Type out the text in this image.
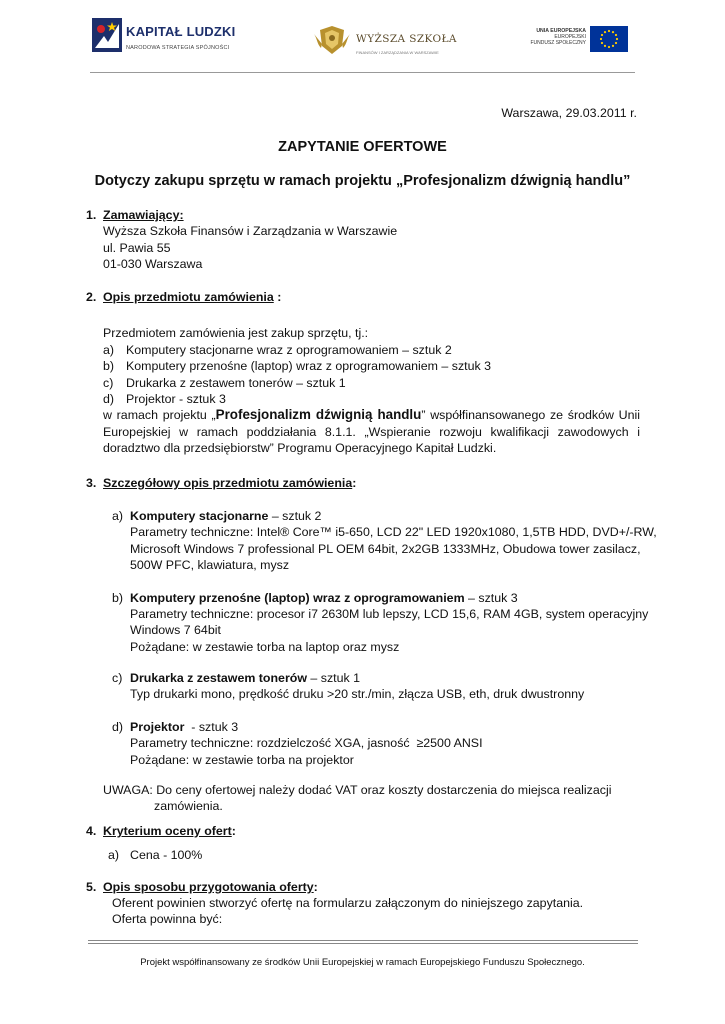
KAPITAŁ LUDZKI
NARODOWA STRATEGIA SPÓJNOŚCI
WYŻSZA SZKOŁA
FINANSÓW I ZARZĄDZANIA W WARSZAWIE
UNIA EUROPEJSKA
EUROPEJSKI
FUNDUSZ SPOŁECZNY
Warszawa, 29.03.2011 r.
ZAPYTANIE OFERTOWE
Dotyczy zakupu sprzętu w ramach projektu „Profesjonalizm dźwignią handlu”
1. Zamawiający:
Wyższa Szkoła Finansów i Zarządzania w Warszawie
ul. Pawia 55
01-030 Warszawa
2. Opis przedmiotu zamówienia :
Przedmiotem zamówienia jest zakup sprzętu, tj.:
a) Komputery stacjonarne wraz z oprogramowaniem – sztuk 2
b) Komputery przenośne (laptop) wraz z oprogramowaniem – sztuk 3
c) Drukarka z zestawem tonerów – sztuk 1
d) Projektor - sztuk 3
w ramach projektu „Profesjonalizm dźwignią handlu” współfinansowanego ze środków Unii
Europejskiej w ramach poddziałania 8.1.1. „Wspieranie rozwoju kwalifikacji zawodowych i
doradztwo dla przedsiębiorstw” Programu Operacyjnego Kapitał Ludzki.
3. Szczegółowy opis przedmiotu zamówienia:
a) Komputery stacjonarne – sztuk 2
Parametry techniczne: Intel® Core™ i5-650, LCD 22" LED 1920x1080, 1,5TB HDD, DVD+/-RW,
Microsoft Windows 7 professional PL OEM 64bit, 2x2GB 1333MHz, Obudowa tower zasilacz,
500W PFC, klawiatura, mysz
b) Komputery przenośne (laptop) wraz z oprogramowaniem – sztuk 3
Parametry techniczne: procesor i7 2630M lub lepszy, LCD 15,6, RAM 4GB, system operacyjny
Windows 7 64bit
Pożądane: w zestawie torba na laptop oraz mysz
c) Drukarka z zestawem tonerów – sztuk 1
Typ drukarki mono, prędkość druku >20 str./min, złącza USB, eth, druk dwustronny
d) Projektor  - sztuk 3
Parametry techniczne: rozdzielczość XGA, jasność  ≥2500 ANSI
Pożądane: w zestawie torba na projektor
UWAGA: Do ceny ofertowej należy dodać VAT oraz koszty dostarczenia do miejsca realizacji
zamówienia.
4. Kryterium oceny ofert:
a) Cena - 100%
5. Opis sposobu przygotowania oferty:
Oferent powinien stworzyć ofertę na formularzu załączonym do niniejszego zapytania.
Oferta powinna być:
Projekt współfinansowany ze środków Unii Europejskiej w ramach Europejskiego Funduszu Społecznego.
